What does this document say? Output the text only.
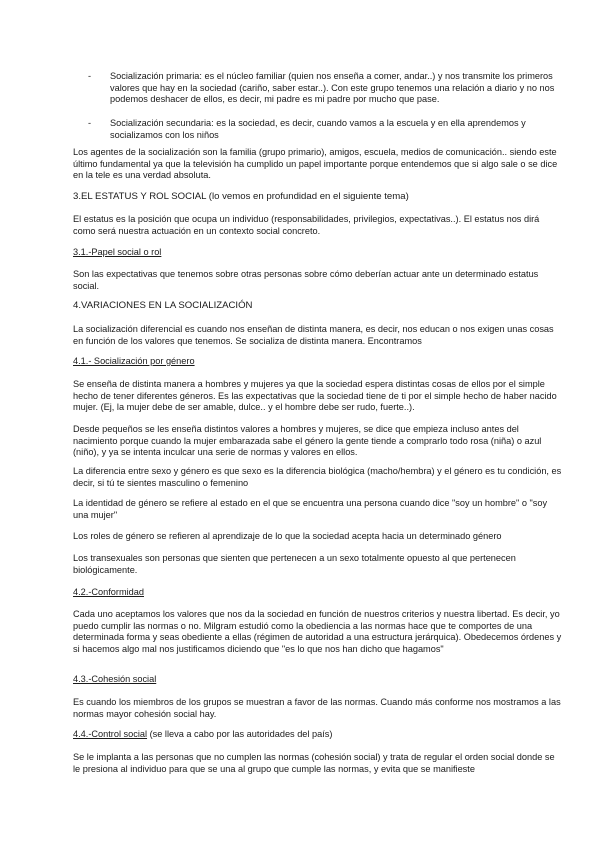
- Socialización primaria: es el núcleo familiar (quien nos enseña a comer, andar..) y nos transmite los primeros valores que hay en la sociedad (cariño, saber estar..). Con este grupo tenemos una relación a diario y no nos podemos deshacer de ellos, es decir, mi padre es mi padre por mucho que pase.
- Socialización secundaria: es la sociedad, es decir, cuando vamos a la escuela y en ella aprendemos y socializamos con los niños

Los agentes de la socialización son la familia (grupo primario), amigos, escuela, medios de comunicación.. siendo este último fundamental ya que la televisión ha cumplido un papel importante porque entendemos que si algo sale o se dice en la tele es una verdad absoluta.

3.EL ESTATUS Y ROL SOCIAL (lo vemos en profundidad en el siguiente tema)

El estatus es la posición que ocupa un individuo (responsabilidades, privilegios, expectativas..). El estatus nos dirá como será nuestra actuación en un contexto social concreto.

3.1.-Papel social o rol

Son las expectativas que tenemos sobre otras personas sobre cómo deberían actuar ante un determinado estatus social.

4.VARIACIONES EN LA SOCIALIZACIÓN

La socialización diferencial es cuando nos enseñan de distinta manera, es decir, nos educan o nos exigen unas cosas en función de los valores que tenemos. Se socializa de distinta manera. Encontramos

4.1.- Socialización por género

Se enseña de distinta manera a hombres y mujeres ya que la sociedad espera distintas cosas de ellos por el simple hecho de tener diferentes géneros. Es las expectativas que la sociedad tiene de ti por el simple hecho de haber nacido mujer. (Ej, la mujer debe de ser amable, dulce.. y el hombre debe ser rudo, fuerte..).

Desde pequeños se les enseña distintos valores a hombres y mujeres, se dice que empieza incluso antes del nacimiento porque cuando la mujer embarazada sabe el género la gente tiende a comprarlo todo rosa (niña) o azul (niño), y ya se intenta inculcar una serie de normas y valores en ellos.

La diferencia entre sexo y género es que sexo es la diferencia biológica (macho/hembra) y el género es tu condición, es decir, si tú te sientes masculino o femenino

La identidad de género se refiere al estado en el que se encuentra una persona cuando dice "soy un hombre" o "soy una mujer"

Los roles de género se refieren al aprendizaje de lo que la sociedad acepta hacia un determinado género

Los transexuales son personas que sienten que pertenecen a un sexo totalmente opuesto al que pertenecen biológicamente.

4.2.-Conformidad

Cada uno aceptamos los valores que nos da la sociedad en función de nuestros criterios y nuestra libertad. Es decir, yo puedo cumplir las normas o no. Milgram estudió como la obediencia a las normas hace que te comportes de una determinada forma y seas obediente a ellas (régimen de autoridad a una estructura jerárquica). Obedecemos órdenes y si hacemos algo mal nos justificamos diciendo que "es lo que nos han dicho que hagamos"

4.3.-Cohesión social

Es cuando los miembros de los grupos se muestran a favor de las normas. Cuando más conforme nos mostramos a las normas mayor cohesión social hay.

4.4.-Control social (se lleva a cabo por las autoridades del país)

Se le implanta a las personas que no cumplen las normas (cohesión social) y trata de regular el orden social donde se le presiona al individuo para que se una al grupo que cumple las normas, y evita que se manifieste
